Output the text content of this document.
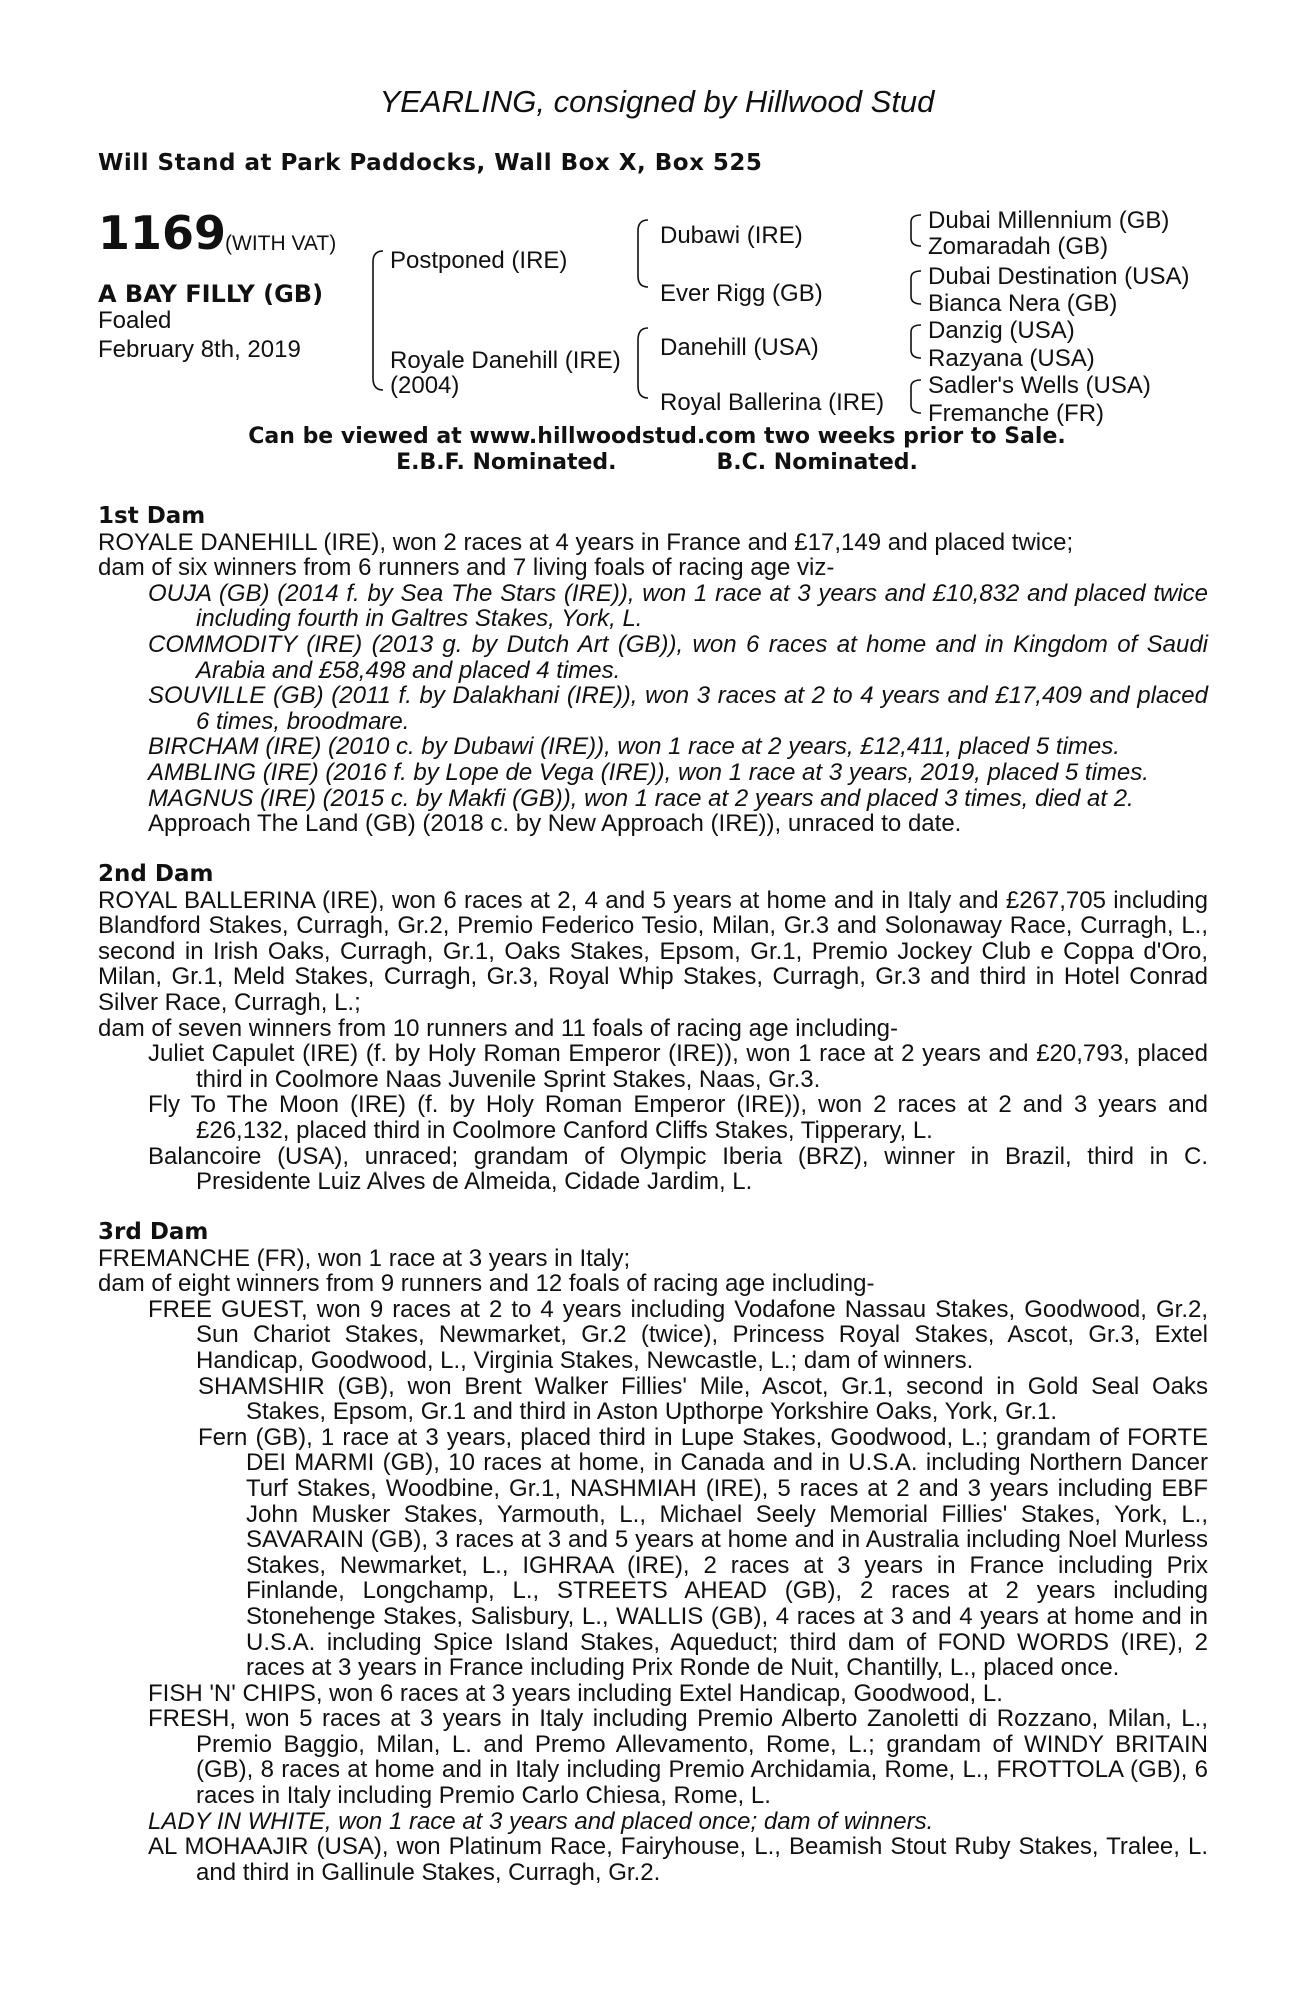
YEARLING, consigned by Hillwood Stud
Will Stand at Park Paddocks, Wall Box X, Box 525
1169
(WITH VAT)
A BAY FILLY (GB)
Foaled
February 8th, 2019
Postponed (IRE)
Royale Danehill (IRE)
(2004)
Dubawi (IRE)
Ever Rigg (GB)
Danehill (USA)
Royal Ballerina (IRE)
Dubai Millennium (GB)
Zomaradah (GB)
Dubai Destination (USA)
Bianca Nera (GB)
Danzig (USA)
Razyana (USA)
Sadler's Wells (USA)
Fremanche (FR)
Can be viewed at www.hillwoodstud.com two weeks prior to Sale.
E.B.F. Nominated.	B.C. Nominated.

1st Dam

ROYALE DANEHILL (IRE), won 2 races at 4 years in France and £17,149 and placed twice;

dam of six winners from 6 runners and 7 living foals of racing age viz-

OUJA (GB) (2014 f. by Sea The Stars (IRE)), won 1 race at 3 years and £10,832 and placed twice including fourth in Galtres Stakes, York, L.

COMMODITY (IRE) (2013 g. by Dutch Art (GB)), won 6 races at home and in Kingdom of Saudi Arabia and £58,498 and placed 4 times.

SOUVILLE (GB) (2011 f. by Dalakhani (IRE)), won 3 races at 2 to 4 years and £17,409 and placed 6 times, broodmare.

BIRCHAM (IRE) (2010 c. by Dubawi (IRE)), won 1 race at 2 years, £12,411, placed 5 times.

AMBLING (IRE) (2016 f. by Lope de Vega (IRE)), won 1 race at 3 years, 2019, placed 5 times.

MAGNUS (IRE) (2015 c. by Makfi (GB)), won 1 race at 2 years and placed 3 times, died at 2.

Approach The Land (GB) (2018 c. by New Approach (IRE)), unraced to date.

2nd Dam

ROYAL BALLERINA (IRE), won 6 races at 2, 4 and 5 years at home and in Italy and £267,705 including Blandford Stakes, Curragh, Gr.2, Premio Federico Tesio, Milan, Gr.3 and Solonaway Race, Curragh, L., second in Irish Oaks, Curragh, Gr.1, Oaks Stakes, Epsom, Gr.1, Premio Jockey Club e Coppa d'Oro, Milan, Gr.1, Meld Stakes, Curragh, Gr.3, Royal Whip Stakes, Curragh, Gr.3 and third in Hotel Conrad Silver Race, Curragh, L.;

dam of seven winners from 10 runners and 11 foals of racing age including-

Juliet Capulet (IRE) (f. by Holy Roman Emperor (IRE)), won 1 race at 2 years and £20,793, placed third in Coolmore Naas Juvenile Sprint Stakes, Naas, Gr.3.

Fly To The Moon (IRE) (f. by Holy Roman Emperor (IRE)), won 2 races at 2 and 3 years and £26,132, placed third in Coolmore Canford Cliffs Stakes, Tipperary, L.

Balancoire (USA), unraced; grandam of Olympic Iberia (BRZ), winner in Brazil, third in C. Presidente Luiz Alves de Almeida, Cidade Jardim, L.

3rd Dam

FREMANCHE (FR), won 1 race at 3 years in Italy;

dam of eight winners from 9 runners and 12 foals of racing age including-

FREE GUEST, won 9 races at 2 to 4 years including Vodafone Nassau Stakes, Goodwood, Gr.2, Sun Chariot Stakes, Newmarket, Gr.2 (twice), Princess Royal Stakes, Ascot, Gr.3, Extel Handicap, Goodwood, L., Virginia Stakes, Newcastle, L.; dam of winners.

SHAMSHIR (GB), won Brent Walker Fillies' Mile, Ascot, Gr.1, second in Gold Seal Oaks Stakes, Epsom, Gr.1 and third in Aston Upthorpe Yorkshire Oaks, York, Gr.1.

Fern (GB), 1 race at 3 years, placed third in Lupe Stakes, Goodwood, L.; grandam of FORTE DEI MARMI (GB), 10 races at home, in Canada and in U.S.A. including Northern Dancer Turf Stakes, Woodbine, Gr.1, NASHMIAH (IRE), 5 races at 2 and 3 years including EBF John Musker Stakes, Yarmouth, L., Michael Seely Memorial Fillies' Stakes, York, L., SAVARAIN (GB), 3 races at 3 and 5 years at home and in Australia including Noel Murless Stakes, Newmarket, L., IGHRAA (IRE), 2 races at 3 years in France including Prix Finlande, Longchamp, L., STREETS AHEAD (GB), 2 races at 2 years including Stonehenge Stakes, Salisbury, L., WALLIS (GB), 4 races at 3 and 4 years at home and in U.S.A. including Spice Island Stakes, Aqueduct; third dam of FOND WORDS (IRE), 2 races at 3 years in France including Prix Ronde de Nuit, Chantilly, L., placed once.

FISH 'N' CHIPS, won 6 races at 3 years including Extel Handicap, Goodwood, L.

FRESH, won 5 races at 3 years in Italy including Premio Alberto Zanoletti di Rozzano, Milan, L., Premio Baggio, Milan, L. and Premo Allevamento, Rome, L.; grandam of WINDY BRITAIN (GB), 8 races at home and in Italy including Premio Archidamia, Rome, L., FROTTOLA (GB), 6 races in Italy including Premio Carlo Chiesa, Rome, L.

LADY IN WHITE, won 1 race at 3 years and placed once; dam of winners.

AL MOHAAJIR (USA), won Platinum Race, Fairyhouse, L., Beamish Stout Ruby Stakes, Tralee, L. and third in Gallinule Stakes, Curragh, Gr.2.
